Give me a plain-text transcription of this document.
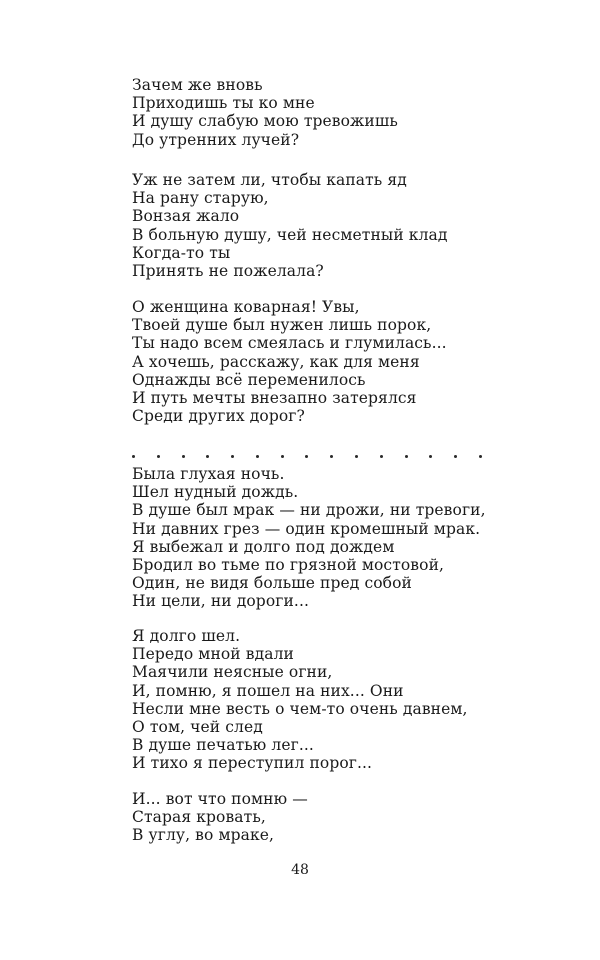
Зачем же вновь
Приходишь ты ко мне
И душу слабую мою тревожишь
До утренних лучей?
Уж не затем ли, чтобы капать яд
На рану старую,
Вонзая жало
В больную душу, чей несметный клад
Когда-то ты
Принять не пожелала?
О женщина коварная! Увы,
Твоей душе был нужен лишь порок,
Ты надо всем смеялась и глумилась...
А хочешь, расскажу, как для меня
Однажды всё переменилось
И путь мечты внезапно затерялся
Среди других дорог?
Была глухая ночь.
Шел нудный дождь.
В душе был мрак — ни дрожи, ни тревоги,
Ни давних грез — один кромешный мрак.
Я выбежал и долго под дождем
Бродил во тьме по грязной мостовой,
Один, не видя больше пред собой
Ни цели, ни дороги...
Я долго шел.
Передо мной вдали
Маячили неясные огни,
И, помню, я пошел на них... Они
Несли мне весть о чем-то очень давнем,
О том, чей след
В душе печатью лег...
И тихо я переступил порог...
И... вот что помню —
Старая кровать,
В углу, во мраке,
48
